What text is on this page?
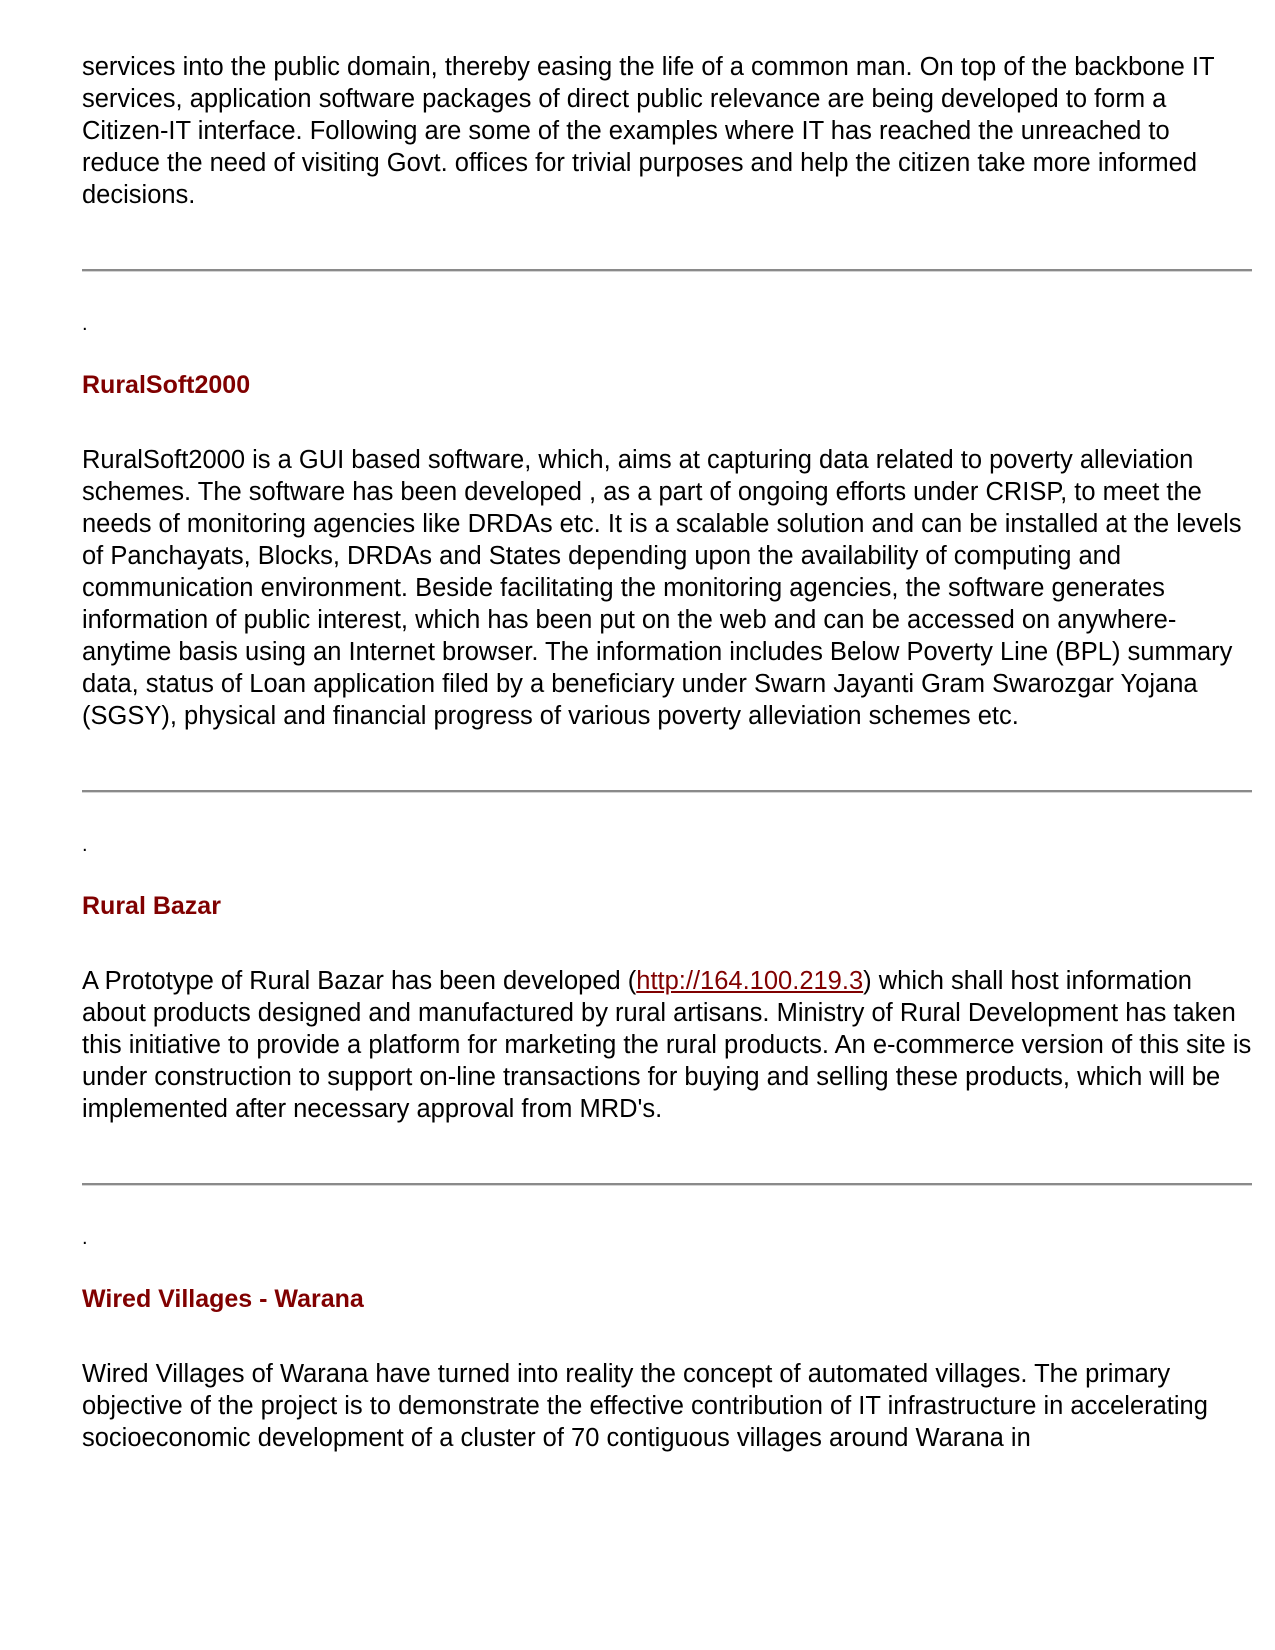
services into the public domain, thereby easing the life of a common man. On top of the backbone IT services, application software packages of direct public relevance are being developed to form a Citizen-IT interface. Following are some of the examples where IT has reached the unreached to reduce the need of visiting Govt. offices for trivial purposes and help the citizen take more informed decisions.

.

RuralSoft2000

RuralSoft2000 is a GUI based software, which, aims at capturing data related to poverty alleviation schemes. The software has been developed , as a part of ongoing efforts under CRISP, to meet the needs of monitoring agencies like DRDAs etc. It is a scalable solution and can be installed at the levels of Panchayats, Blocks, DRDAs and States depending upon the availability of computing and communication environment. Beside facilitating the monitoring agencies, the software generates information of public interest, which has been put on the web and can be accessed on anywhere-anytime basis using an Internet browser. The information includes Below Poverty Line (BPL) summary data, status of Loan application filed by a beneficiary under Swarn Jayanti Gram Swarozgar Yojana (SGSY), physical and financial progress of various poverty alleviation schemes etc.

.

Rural Bazar

A Prototype of Rural Bazar has been developed (http://164.100.219.3) which shall host information about products designed and manufactured by rural artisans. Ministry of Rural Development has taken this initiative to provide a platform for marketing the rural products. An e-commerce version of this site is under construction to support on-line transactions for buying and selling these products, which will be implemented after necessary approval from MRD's.

.

Wired Villages - Warana

Wired Villages of Warana have turned into reality the concept of automated villages. The primary objective of the project is to demonstrate the effective contribution of IT infrastructure in accelerating socioeconomic development of a cluster of 70 contiguous villages around Warana in
